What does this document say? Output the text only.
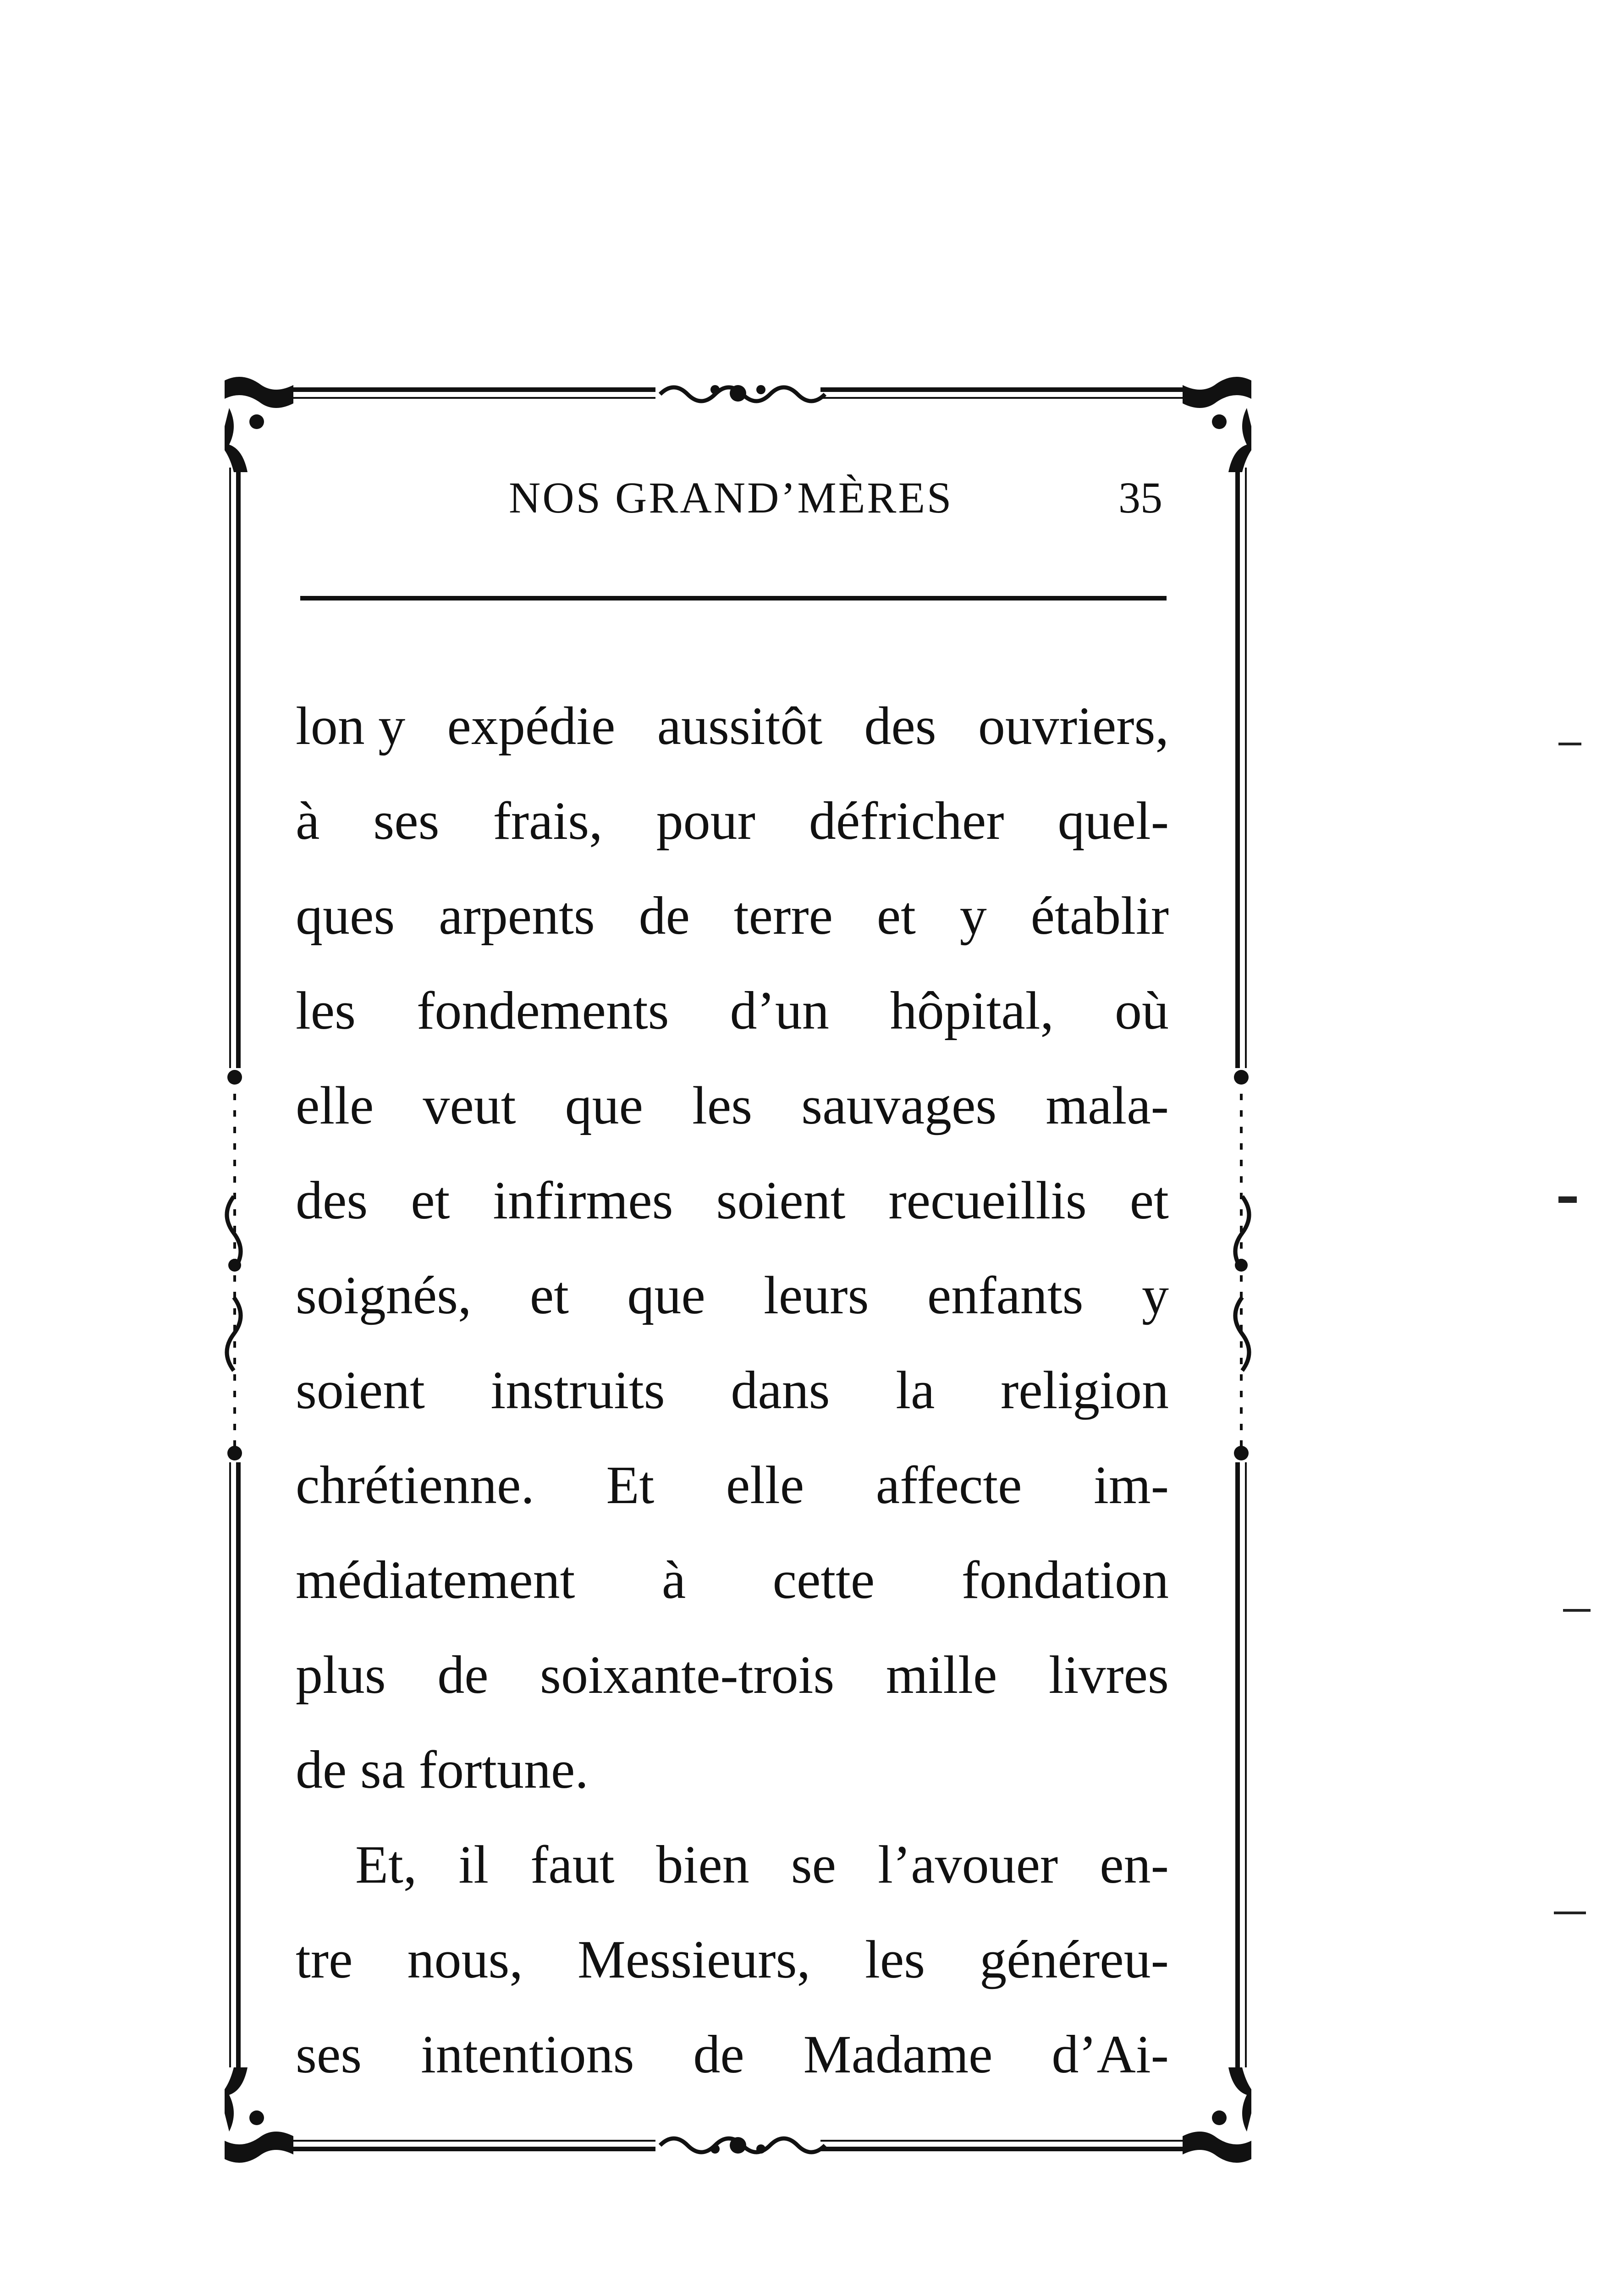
NOS GRAND’MÈRES	35
lon y expédie aussitôt des ouvriers,
à ses frais, pour défricher quel-
ques arpents de terre et y établir
les fondements d’un hôpital, où
elle veut que les sauvages mala-
des et infirmes soient recueillis et
soignés, et que leurs enfants y
soient instruits dans la religion
chrétienne. Et elle affecte im-
médiatement à cette fondation
plus de soixante-trois mille livres
de sa fortune.
Et, il faut bien se l’avouer en-
tre nous, Messieurs, les généreu-
ses intentions de Madame d’Ai-
